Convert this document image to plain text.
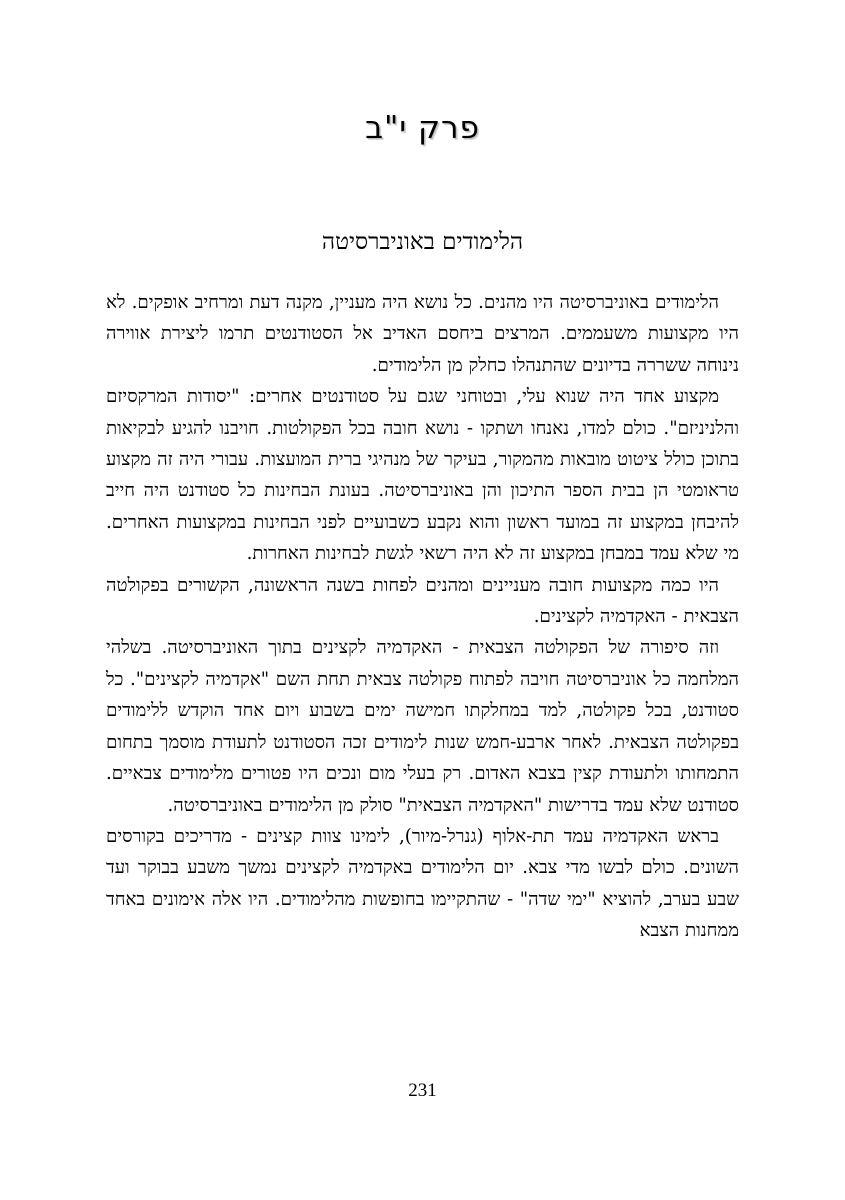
פרק י"ב
הלימודים באוניברסיטה

הלימודים באוניברסיטה היו מהנים. כל נושא היה מעניין, מקנה דעת ומרחיב אופקים. לא היו מקצועות משעממים. המרצים ביחסם האדיב אל הסטודנטים תרמו ליצירת אווירה נינוחה ששררה בדיונים שהתנהלו כחלק מן הלימודים.

מקצוע אחד היה שנוא עלי, ובטוחני שגם על סטודנטים אחרים: "יסודות המרקסיזם והלניניזם". כולם למדו, נאנחו ושתקו - נושא חובה בכל הפקולטות. חויבנו להגיע לבקיאות בתוכן כולל ציטוט מובאות מהמקור, בעיקר של מנהיגי ברית המועצות. עבורי היה זה מקצוע טראומטי הן בבית הספר התיכון והן באוניברסיטה. בעונת הבחינות כל סטודנט היה חייב להיבחן במקצוע זה במועד ראשון והוא נקבע כשבועיים לפני הבחינות במקצועות האחרים. מי שלא עמד במבחן במקצוע זה לא היה רשאי לגשת לבחינות האחרות.

היו כמה מקצועות חובה מעניינים ומהנים לפחות בשנה הראשונה, הקשורים בפקולטה הצבאית - האקדמיה לקצינים.

וזה סיפורה של הפקולטה הצבאית - האקדמיה לקצינים בתוך האוניברסיטה. בשלהי המלחמה כל אוניברסיטה חויבה לפתוח פקולטה צבאית תחת השם "אקדמיה לקצינים". כל סטודנט, בכל פקולטה, למד במחלקתו חמישה ימים בשבוע ויום אחד הוקדש ללימודים בפקולטה הצבאית. לאחר ארבע-חמש שנות לימודים זכה הסטודנט לתעודת מוסמך בתחום התמחותו ולתעודת קצין בצבא האדום. רק בעלי מום ונכים היו פטורים מלימודים צבאיים. סטודנט שלא עמד בדרישות "האקדמיה הצבאית" סולק מן הלימודים באוניברסיטה.

בראש האקדמיה עמד תת-אלוף (גנרל-מיור), לימינו צוות קצינים - מדריכים בקורסים השונים. כולם לבשו מדי צבא. יום הלימודים באקדמיה לקצינים נמשך משבע בבוקר ועד שבע בערב, להוציא "ימי שדה" - שהתקיימו בחופשות מהלימודים. היו אלה אימונים באחד ממחנות הצבא

231
